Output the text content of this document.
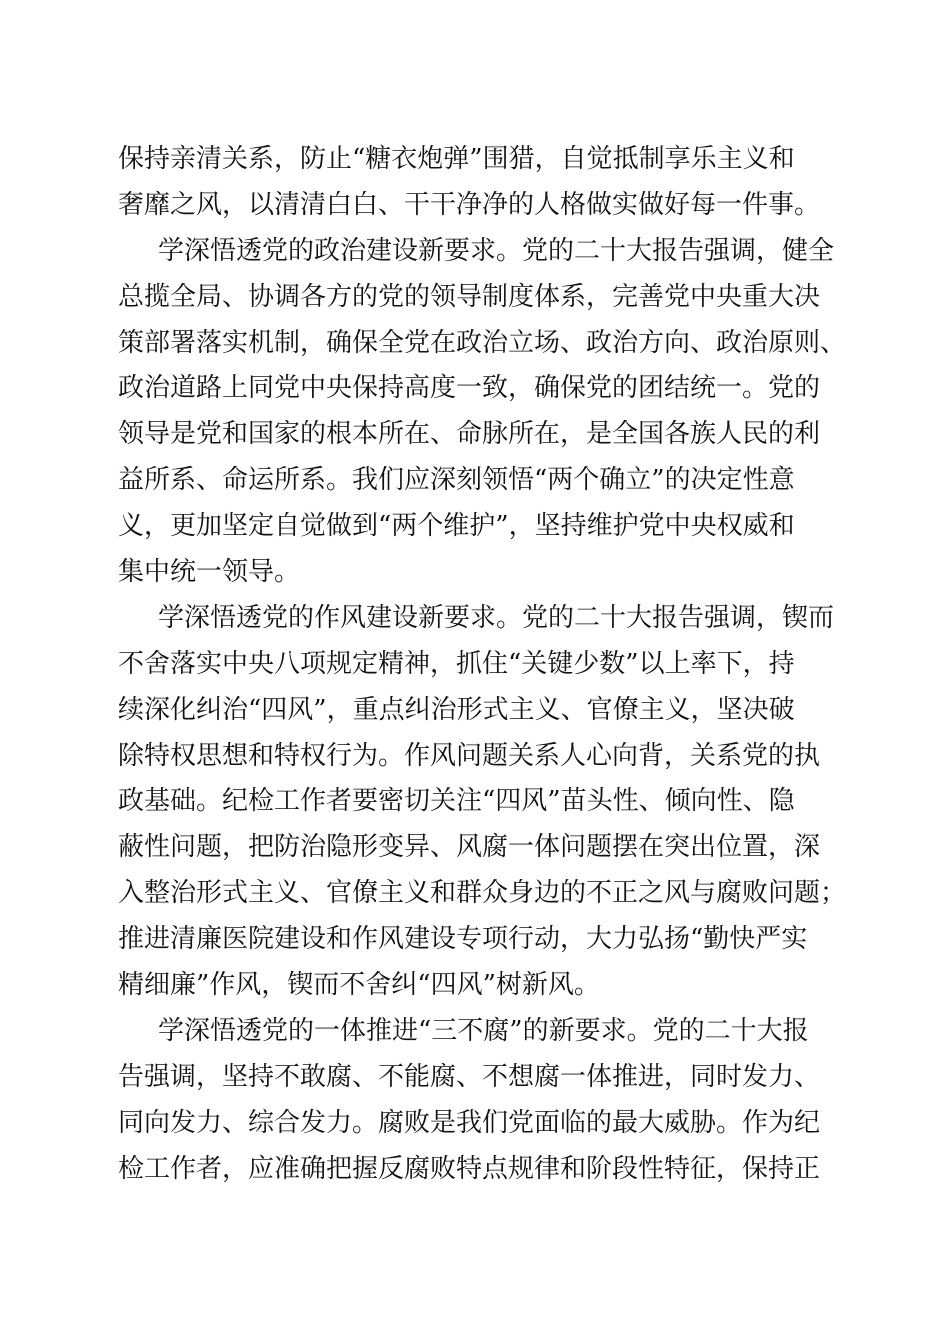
保持亲清关系，防止“糖衣炮弹”围猎，自觉抵制享乐主义和
奢靡之风，以清清白白、干干净净的人格做实做好每一件事。
学深悟透党的政治建设新要求。党的二十大报告强调，健全
总揽全局、协调各方的党的领导制度体系，完善党中央重大决
策部署落实机制，确保全党在政治立场、政治方向、政治原则、
政治道路上同党中央保持高度一致，确保党的团结统一。党的
领导是党和国家的根本所在、命脉所在，是全国各族人民的利
益所系、命运所系。我们应深刻领悟“两个确立”的决定性意
义，更加坚定自觉做到“两个维护”，坚持维护党中央权威和
集中统一领导。
学深悟透党的作风建设新要求。党的二十大报告强调，锲而
不舍落实中央八项规定精神，抓住“关键少数”以上率下，持
续深化纠治“四风”，重点纠治形式主义、官僚主义，坚决破
除特权思想和特权行为。作风问题关系人心向背，关系党的执
政基础。纪检工作者要密切关注“四风”苗头性、倾向性、隐
蔽性问题，把防治隐形变异、风腐一体问题摆在突出位置，深
入整治形式主义、官僚主义和群众身边的不正之风与腐败问题；
推进清廉医院建设和作风建设专项行动，大力弘扬“勤快严实
精细廉”作风，锲而不舍纠“四风”树新风。
学深悟透党的一体推进“三不腐”的新要求。党的二十大报
告强调，坚持不敢腐、不能腐、不想腐一体推进，同时发力、
同向发力、综合发力。腐败是我们党面临的最大威胁。作为纪
检工作者，应准确把握反腐败特点规律和阶段性特征，保持正
